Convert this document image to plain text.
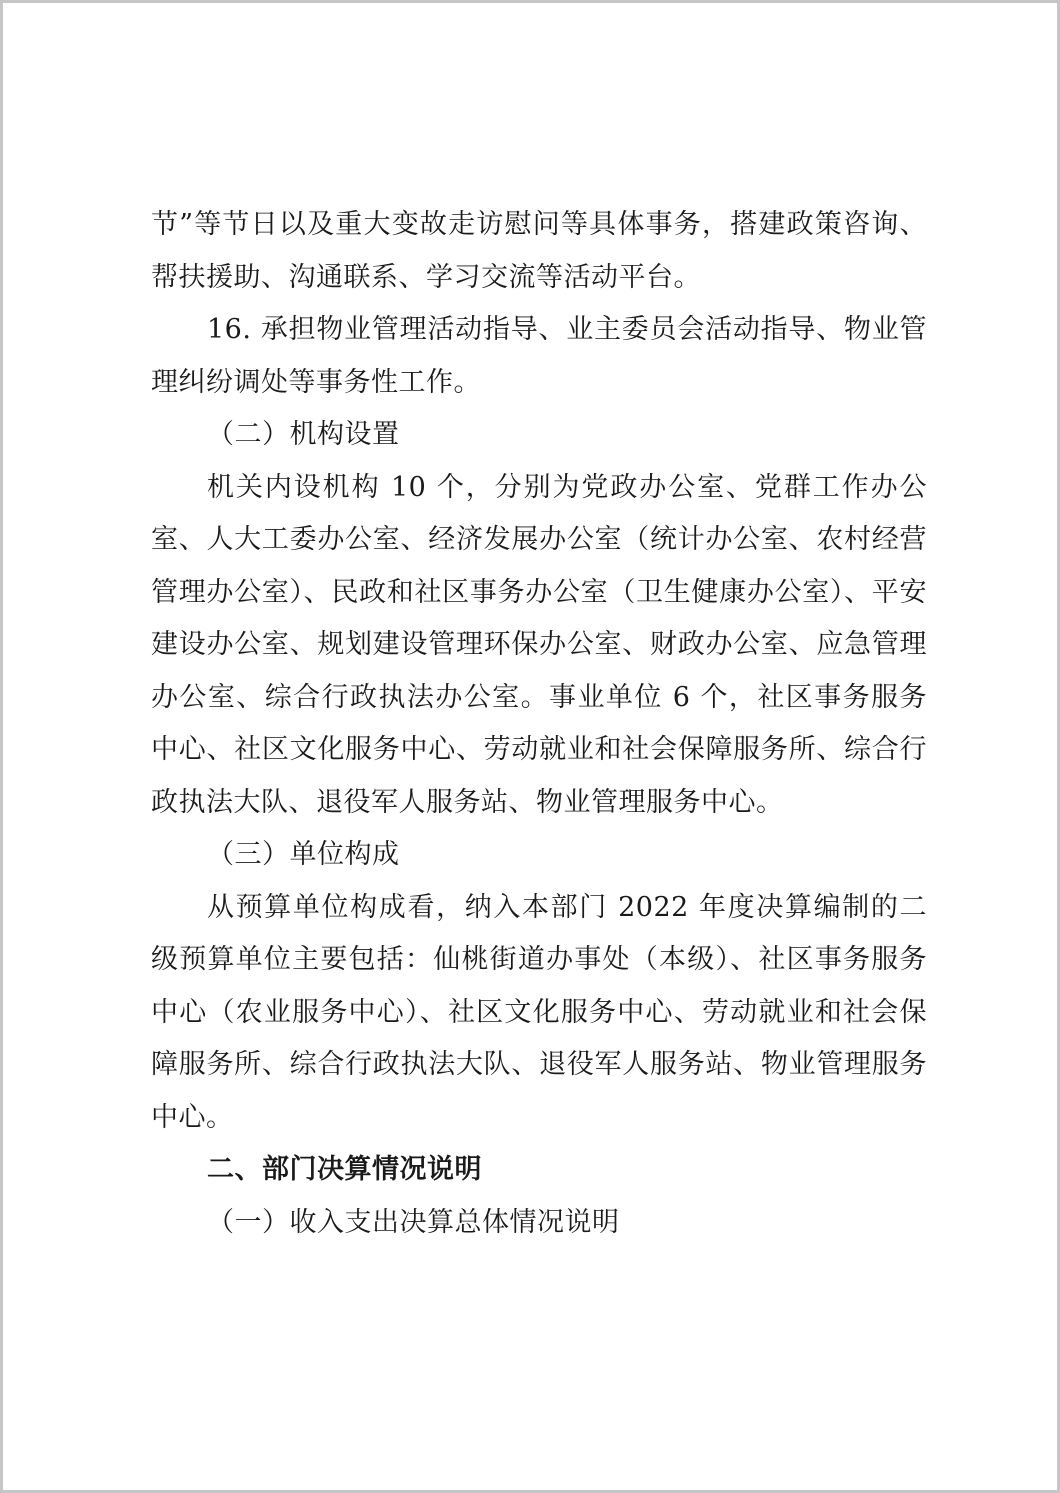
节”等节日以及重大变故走访慰问等具体事务，搭建政策咨询、帮扶援助、沟通联系、学习交流等活动平台。

16. 承担物业管理活动指导、业主委员会活动指导、物业管理纠纷调处等事务性工作。

（二）机构设置

机关内设机构 10 个，分别为党政办公室、党群工作办公室、人大工委办公室、经济发展办公室（统计办公室、农村经营管理办公室）、民政和社区事务办公室（卫生健康办公室）、平安建设办公室、规划建设管理环保办公室、财政办公室、应急管理办公室、综合行政执法办公室。事业单位 6 个，社区事务服务中心、社区文化服务中心、劳动就业和社会保障服务所、综合行政执法大队、退役军人服务站、物业管理服务中心。

（三）单位构成

从预算单位构成看，纳入本部门 2022 年度决算编制的二级预算单位主要包括：仙桃街道办事处（本级）、社区事务服务中心（农业服务中心）、社区文化服务中心、劳动就业和社会保障服务所、综合行政执法大队、退役军人服务站、物业管理服务中心。

二、部门决算情况说明

（一）收入支出决算总体情况说明
